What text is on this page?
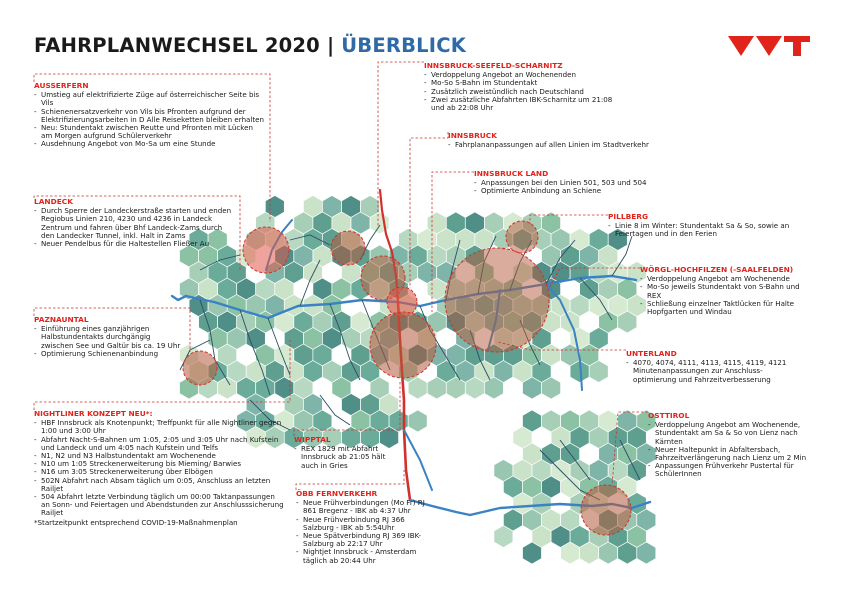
FAHRPLANWECHSEL 2020 | ÜBERBLICK
AUSSERFERN
- Umstieg auf elektrifizierte Züge auf österreichischer Seite bis Vils
- Schienenersatzverkehr von Vils bis Pfronten aufgrund der Elektrifizierungsarbeiten in D Alle Reiseketten bleiben erhalten
- Neu: Stundentakt zwischen Reutte und Pfronten mit Lücken am Morgen aufgrund Schülerverkehr
- Ausdehnung Angebot von Mo-Sa um eine Stunde
LANDECK
- Durch Sperre der Landeckerstraße starten und enden Regiobus Linien 210, 4230 und 4236 in Landeck Zentrum und fahren über Bhf Landeck-Zams durch den Landecker Tunnel, inkl. Halt in Zams
- Neuer Pendelbus für die Haltestellen Fließer Au
PAZNAUNTAL
- Einführung eines ganzjährigen Halbstundentakts durchgängig zwischen See und Galtür bis ca. 19 Uhr
- Optimierung Schienenanbindung
NIGHTLINER KONZEPT NEU*:
- HBF Innsbruck als Knotenpunkt; Treffpunkt für alle Nightliner gegen 1:00 und 3:00 Uhr
- Abfahrt Nacht-S-Bahnen um 1:05, 2:05 und 3:05 Uhr nach Kufstein und Landeck und um 4:05 nach Kufstein und Telfs
- N1, N2 und N3 Halbstundentakt am Wochenende
- N10 um 1:05 Streckenerweiterung bis Mieming/ Barwies
- N16 um 3:05 Streckenerweiterung über Elbögen
- 502N Abfahrt nach Absam täglich um 0:05, Anschluss an letzten Railjet
- 504 Abfahrt letzte Verbindung täglich um 00:00 Taktanpassungen an Sonn- und Feiertagen und Abendstunden zur Anschlusssicherung Railjet
*Startzeitpunkt entsprechend COVID-19-Maßnahmenplan
INNSBRUCK-SEEFELD-SCHARNITZ
- Verdoppelung Angebot an Wochenenden
- Mo-So S-Bahn im Stundentakt
- Zusätzlich zweistündlich nach Deutschland
- Zwei zusätzliche Abfahrten IBK-Scharnitz um 21:08 und ab 22:08 Uhr
INNSBRUCK
- Fahrplananpassungen auf allen Linien im Stadtverkehr
INNSBRUCK LAND
- Anpassungen bei den Linien 501, 503 und 504
- Optimierte Anbindung an Schiene
PILLBERG
- Linie 8 im Winter: Stundentakt Sa & So, sowie an Feiertagen und in den Ferien
WÖRGL-HOCHFILZEN (-SAALFELDEN)
- Verdoppelung Angebot am Wochenende
- Mo-So jeweils Stundentakt von S-Bahn und REX
- Schließung einzelner Taktlücken für Halte Hopfgarten und Windau
UNTERLAND
- 4070, 4074, 4111, 4113, 4115, 4119, 4121 Minutenanpassungen zur Anschluss-optimierung und Fahrzeitverbesserung
OSTTIROL
- Verdoppelung Angebot am Wochenende, Stundentakt am Sa & So von Lienz nach Kärnten
- Neuer Haltepunkt in Abfaltersbach, Fahrzeitverlängerung nach Lienz um 2 Min
- Anpassungen Frühverkehr Pustertal für SchülerInnen
WIPPTAL
- REX 1829 mit Abfahrt Innsbruck ab 21:05 hält auch in Gries
ÖBB FERNVERKEHR
- Neue Frühverbindungen (Mo Fr) RJ 861 Bregenz - IBK ab 4:37 Uhr
- Neue Frühverbindung RJ 366 Salzburg - IBK ab 5:54Uhr
- Neue Spätverbindung RJ 369 IBK-Salzburg ab 22:17 Uhr
- Nightjet Innsbruck - Amsterdam täglich ab 20:44 Uhr
